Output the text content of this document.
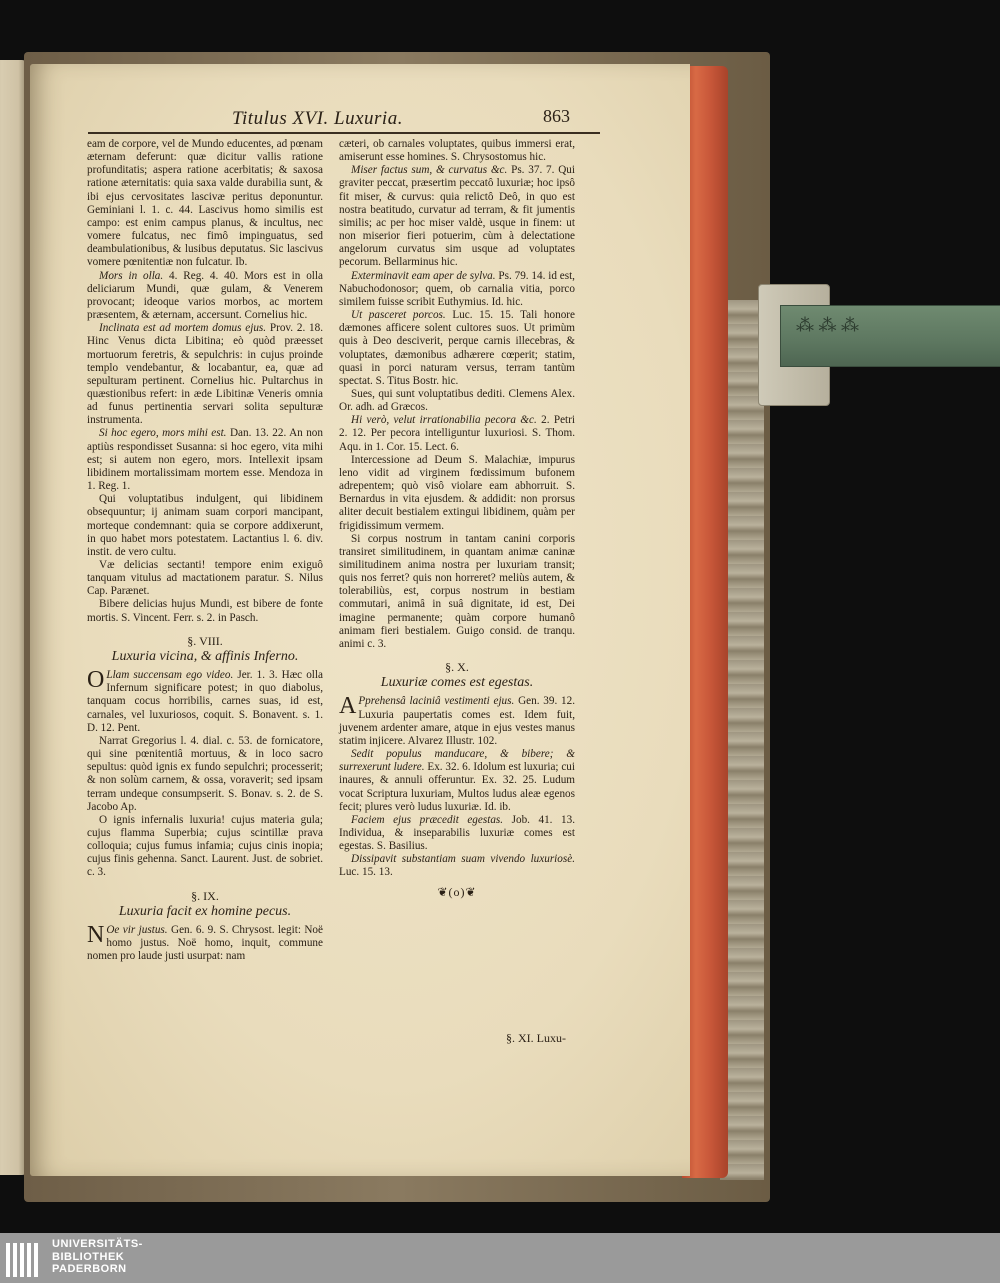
⁂ ⁂ ⁂
Titulus XVI. Luxuria.	863

eam de corpore, vel de Mundo educentes, ad pœnam æternam deferunt: quæ dicitur vallis ratione profunditatis; aspera ratione acerbitatis; & saxosa ratione æternitatis: quia saxa valde durabilia sunt, & ibi ejus cervositates lascivæ peritus deponuntur. Geminiani l. 1. c. 44. Lascivus homo similis est campo: est enim campus planus, & incultus, nec vomere fulcatus, nec fimô impinguatus, sed deambulationibus, & lusibus deputatus. Sic lascivus vomere pœnitentiæ non fulcatur. Ib.

Mors in olla. 4. Reg. 4. 40. Mors est in olla deliciarum Mundi, quæ gulam, & Venerem provocant; ideoque varios morbos, ac mortem præsentem, & æternam, accersunt. Cornelius hic.

Inclinata est ad mortem domus ejus. Prov. 2. 18. Hinc Venus dicta Libitina; eò quòd præesset mortuorum feretris, & sepulchris: in cujus proinde templo vendebantur, & locabantur, ea, quæ ad sepulturam pertinent. Cornelius hic. Pultarchus in quæstionibus refert: in æde Libitinæ Veneris omnia ad funus pertinentia servari solita sepulturæ instrumenta.

Si hoc egero, mors mihi est. Dan. 13. 22. An non aptiùs respondisset Susanna: si hoc egero, vita mihi est; si autem non egero, mors. Intellexit ipsam libidinem mortalissimam mortem esse. Mendoza in 1. Reg. 1.

Qui voluptatibus indulgent, qui libidinem obsequuntur; ij animam suam corpori mancipant, morteque condemnant: quia se corpore addixerunt, in quo habet mors potestatem. Lactantius l. 6. div. instit. de vero cultu.

Væ delicias sectanti! tempore enim exiguô tanquam vitulus ad mactationem paratur. S. Nilus Cap. Parænet.

Bibere delicias hujus Mundi, est bibere de fonte mortis. S. Vincent. Ferr. s. 2. in Pasch.

§. VIII.
Luxuria vicina, & affinis Inferno.

O Llam succensam ego video. Jer. 1. 3. Hæc olla Infernum significare potest; in quo diabolus, tanquam cocus horribilis, carnes suas, id est, carnales, vel luxuriosos, coquit. S. Bonavent. s. 1. D. 12. Pent.

Narrat Gregorius l. 4. dial. c. 53. de fornicatore, qui sine pœnitentiâ mortuus, & in loco sacro sepultus: quòd ignis ex fundo sepulchri; processerit; & non solùm carnem, & ossa, voraverit; sed ipsam terram undeque consumpserit. S. Bonav. s. 2. de S. Jacobo Ap.

O ignis infernalis luxuria! cujus materia gula; cujus flamma Superbia; cujus scintillæ prava colloquia; cujus fumus infamia; cujus cinis inopia; cujus finis gehenna. Sanct. Laurent. Just. de sobriet. c. 3.

§. IX.
Luxuria facit ex homine pecus.

N Oe vir justus. Gen. 6. 9. S. Chrysost. legit: Noë homo justus. Noë homo, inquit, commune nomen pro laude justi usurpat: nam

cæteri, ob carnales voluptates, quibus immersi erat, amiserunt esse homines. S. Chrysostomus hic.

Miser factus sum, & curvatus &c. Ps. 37. 7. Qui graviter peccat, præsertim peccatô luxuriæ; hoc ipsô fit miser, & curvus: quia relictô Deô, in quo est nostra beatitudo, curvatur ad terram, & fit jumentis similis; ac per hoc miser valdè, usque in finem: ut non miserior fieri potuerim, cùm à delectatione angelorum curvatus sim usque ad voluptates pecorum. Bellarminus hic.

Exterminavit eam aper de sylva. Ps. 79. 14. id est, Nabuchodonosor; quem, ob carnalia vitia, porco similem fuisse scribit Euthymius. Id. hic.

Ut pasceret porcos. Luc. 15. 15. Tali honore dæmones afficere solent cultores suos. Ut primùm quis à Deo desciverit, perque carnis illecebras, & voluptates, dæmonibus adhærere cœperit; statim, quasi in porci naturam versus, terram tantùm spectat. S. Titus Bostr. hic.

Sues, qui sunt voluptatibus dediti. Clemens Alex. Or. adh. ad Græcos.

Hi verò, velut irrationabilia pecora &c. 2. Petri 2. 12. Per pecora intelliguntur luxuriosi. S. Thom. Aqu. in 1. Cor. 15. Lect. 6.

Intercessione ad Deum S. Malachiæ, impurus leno vidit ad virginem fœdissimum bufonem adrepentem; quò visô violare eam abhorruit. S. Bernardus in vita ejusdem. & addidit: non prorsus aliter decuit bestialem extingui libidinem, quàm per frigidissimum vermem.

Si corpus nostrum in tantam canini corporis transiret similitudinem, in quantam animæ caninæ similitudinem anima nostra per luxuriam transit; quis nos ferret? quis non horreret? meliùs autem, & tolerabiliùs, est, corpus nostrum in bestiam commutari, animâ in suâ dignitate, id est, Dei imagine permanente; quàm corpore humanô animam fieri bestialem. Guigo consid. de tranqu. animi c. 3.

§. X.
Luxuriæ comes est egestas.

A Pprehensâ laciniâ vestimenti ejus. Gen. 39. 12. Luxuria paupertatis comes est. Idem fuit, juvenem ardenter amare, atque in ejus vestes manus statim injicere. Alvarez Illustr. 102.

Sedit populus manducare, & bibere; & surrexerunt ludere. Ex. 32. 6. Idolum est luxuria; cui inaures, & annuli offeruntur. Ex. 32. 25. Ludum vocat Scriptura luxuriam, Multos ludus aleæ egenos fecit; plures verò ludus luxuriæ. Id. ib.

Faciem ejus præcedit egestas. Job. 41. 13. Individua, & inseparabilis luxuriæ comes est egestas. S. Basilius.

Dissipavit substantiam suam vivendo luxuriosè. Luc. 15. 13.

❦(o)❦
§. XI. Luxu-
UNIVERSITÄTS-
BIBLIOTHEK
PADERBORN
